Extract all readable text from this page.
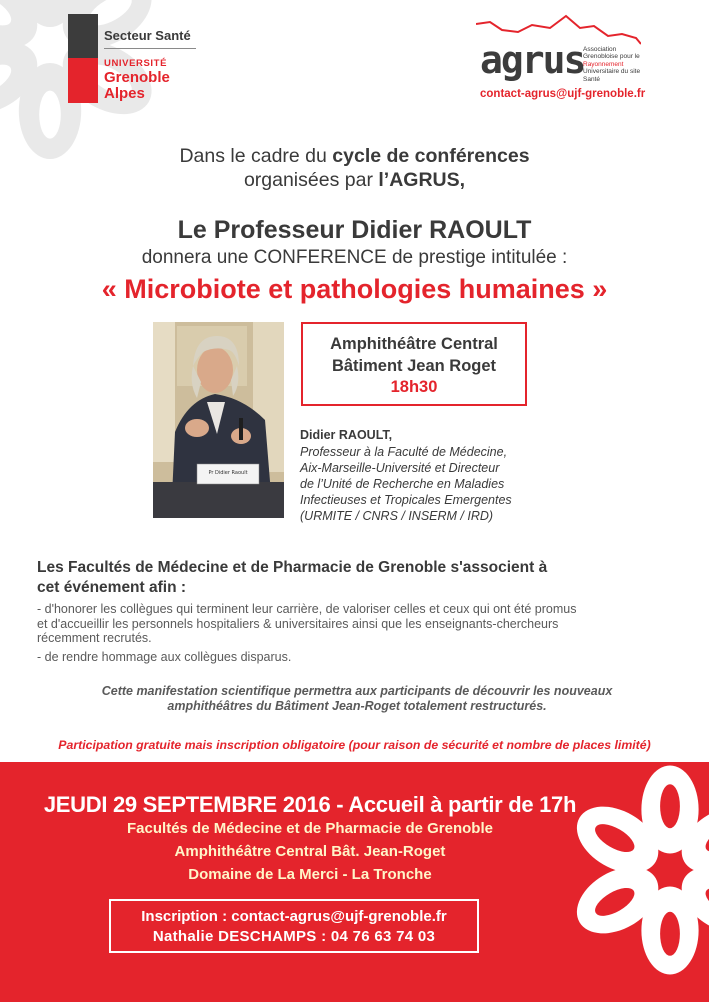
Secteur Santé
UNIVERSITÉ
Grenoble
Alpes
agrus
Association
Grenobloise pour le
Rayonnement
Universitaire du site
Santé
contact-agrus@ujf-grenoble.fr
Dans le cadre du cycle de conférences
organisées par l’AGRUS,
Le Professeur Didier RAOULT
donnera une CONFERENCE de prestige intitulée :
« Microbiote et pathologies humaines »
Pr Didier Raoult
Amphithéâtre Central
Bâtiment Jean Roget
18h30
Didier RAOULT,
Professeur à la Faculté de Médecine,
Aix-Marseille-Université et Directeur
de l’Unité de Recherche en Maladies
Infectieuses et Tropicales Emergentes
(URMITE / CNRS / INSERM / IRD)
Les Facultés de Médecine et de Pharmacie de Grenoble s'associent à
cet événement afin :
- d'honorer les collègues qui terminent leur carrière, de valoriser celles et ceux qui ont été promus
et d'accueillir les personnels hospitaliers & universitaires ainsi que les enseignants-chercheurs
récemment recrutés.
- de rendre hommage aux collègues disparus.
Cette manifestation scientifique permettra aux participants de découvrir les nouveaux
amphithéâtres du Bâtiment Jean-Roget totalement restructurés.
Participation gratuite mais inscription obligatoire (pour raison de sécurité et nombre de places limité)
JEUDI 29 SEPTEMBRE 2016 - Accueil à partir de 17h
Facultés de Médecine et de Pharmacie de Grenoble
Amphithéâtre Central Bât. Jean-Roget
Domaine de La Merci - La Tronche
Inscription : contact-agrus@ujf-grenoble.fr
Nathalie DESCHAMPS : 04 76 63 74 03
